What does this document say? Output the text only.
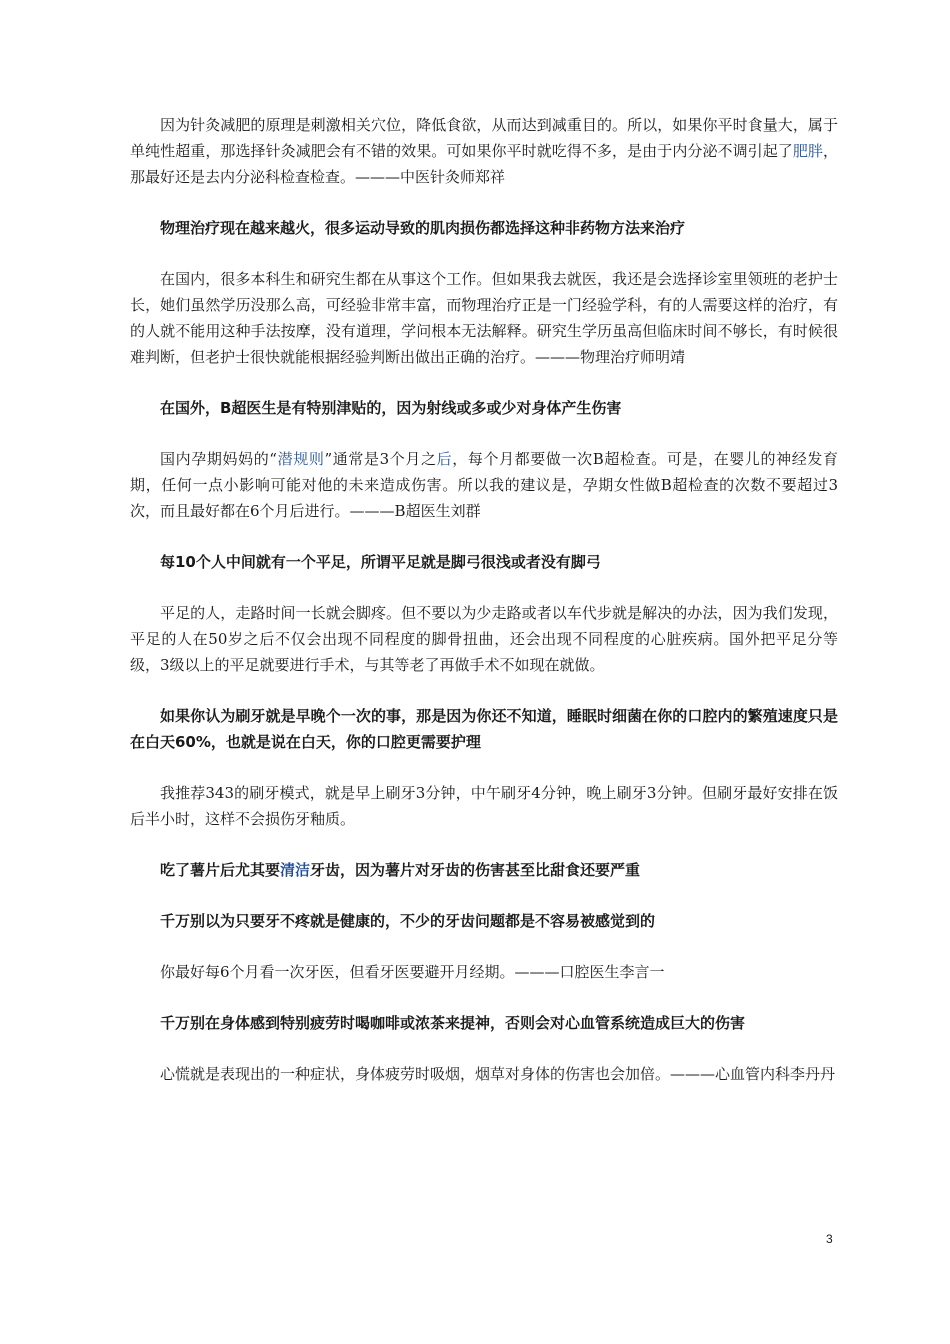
因为针灸减肥的原理是刺激相关穴位，降低食欲，从而达到减重目的。所以，如果你平时食量大，属于单纯性超重，那选择针灸减肥会有不错的效果。可如果你平时就吃得不多，是由于内分泌不调引起了肥胖，那最好还是去内分泌科检查检查。———中医针灸师郑祥

物理治疗现在越来越火，很多运动导致的肌肉损伤都选择这种非药物方法来治疗

在国内，很多本科生和研究生都在从事这个工作。但如果我去就医，我还是会选择诊室里领班的老护士长，她们虽然学历没那么高，可经验非常丰富，而物理治疗正是一门经验学科，有的人需要这样的治疗，有的人就不能用这种手法按摩，没有道理，学问根本无法解释。研究生学历虽高但临床时间不够长，有时候很难判断，但老护士很快就能根据经验判断出做出正确的治疗。———物理治疗师明靖

在国外，B超医生是有特别津贴的，因为射线或多或少对身体产生伤害

国内孕期妈妈的“潜规则”通常是3个月之后，每个月都要做一次B超检查。可是，在婴儿的神经发育期，任何一点小影响可能对他的未来造成伤害。所以我的建议是，孕期女性做B超检查的次数不要超过3次，而且最好都在6个月后进行。———B超医生刘群

每10个人中间就有一个平足，所谓平足就是脚弓很浅或者没有脚弓

平足的人，走路时间一长就会脚疼。但不要以为少走路或者以车代步就是解决的办法，因为我们发现，平足的人在50岁之后不仅会出现不同程度的脚骨扭曲，还会出现不同程度的心脏疾病。国外把平足分等级，3级以上的平足就要进行手术，与其等老了再做手术不如现在就做。

如果你认为刷牙就是早晚个一次的事，那是因为你还不知道，睡眠时细菌在你的口腔内的繁殖速度只是在白天60%，也就是说在白天，你的口腔更需要护理

我推荐343的刷牙模式，就是早上刷牙3分钟，中午刷牙4分钟，晚上刷牙3分钟。但刷牙最好安排在饭后半小时，这样不会损伤牙釉质。

吃了薯片后尤其要清洁牙齿，因为薯片对牙齿的伤害甚至比甜食还要严重

千万别以为只要牙不疼就是健康的，不少的牙齿问题都是不容易被感觉到的

你最好每6个月看一次牙医，但看牙医要避开月经期。———口腔医生李言一

千万别在身体感到特别疲劳时喝咖啡或浓茶来提神，否则会对心血管系统造成巨大的伤害

心慌就是表现出的一种症状，身体疲劳时吸烟，烟草对身体的伤害也会加倍。———心血管内科李丹丹

3
